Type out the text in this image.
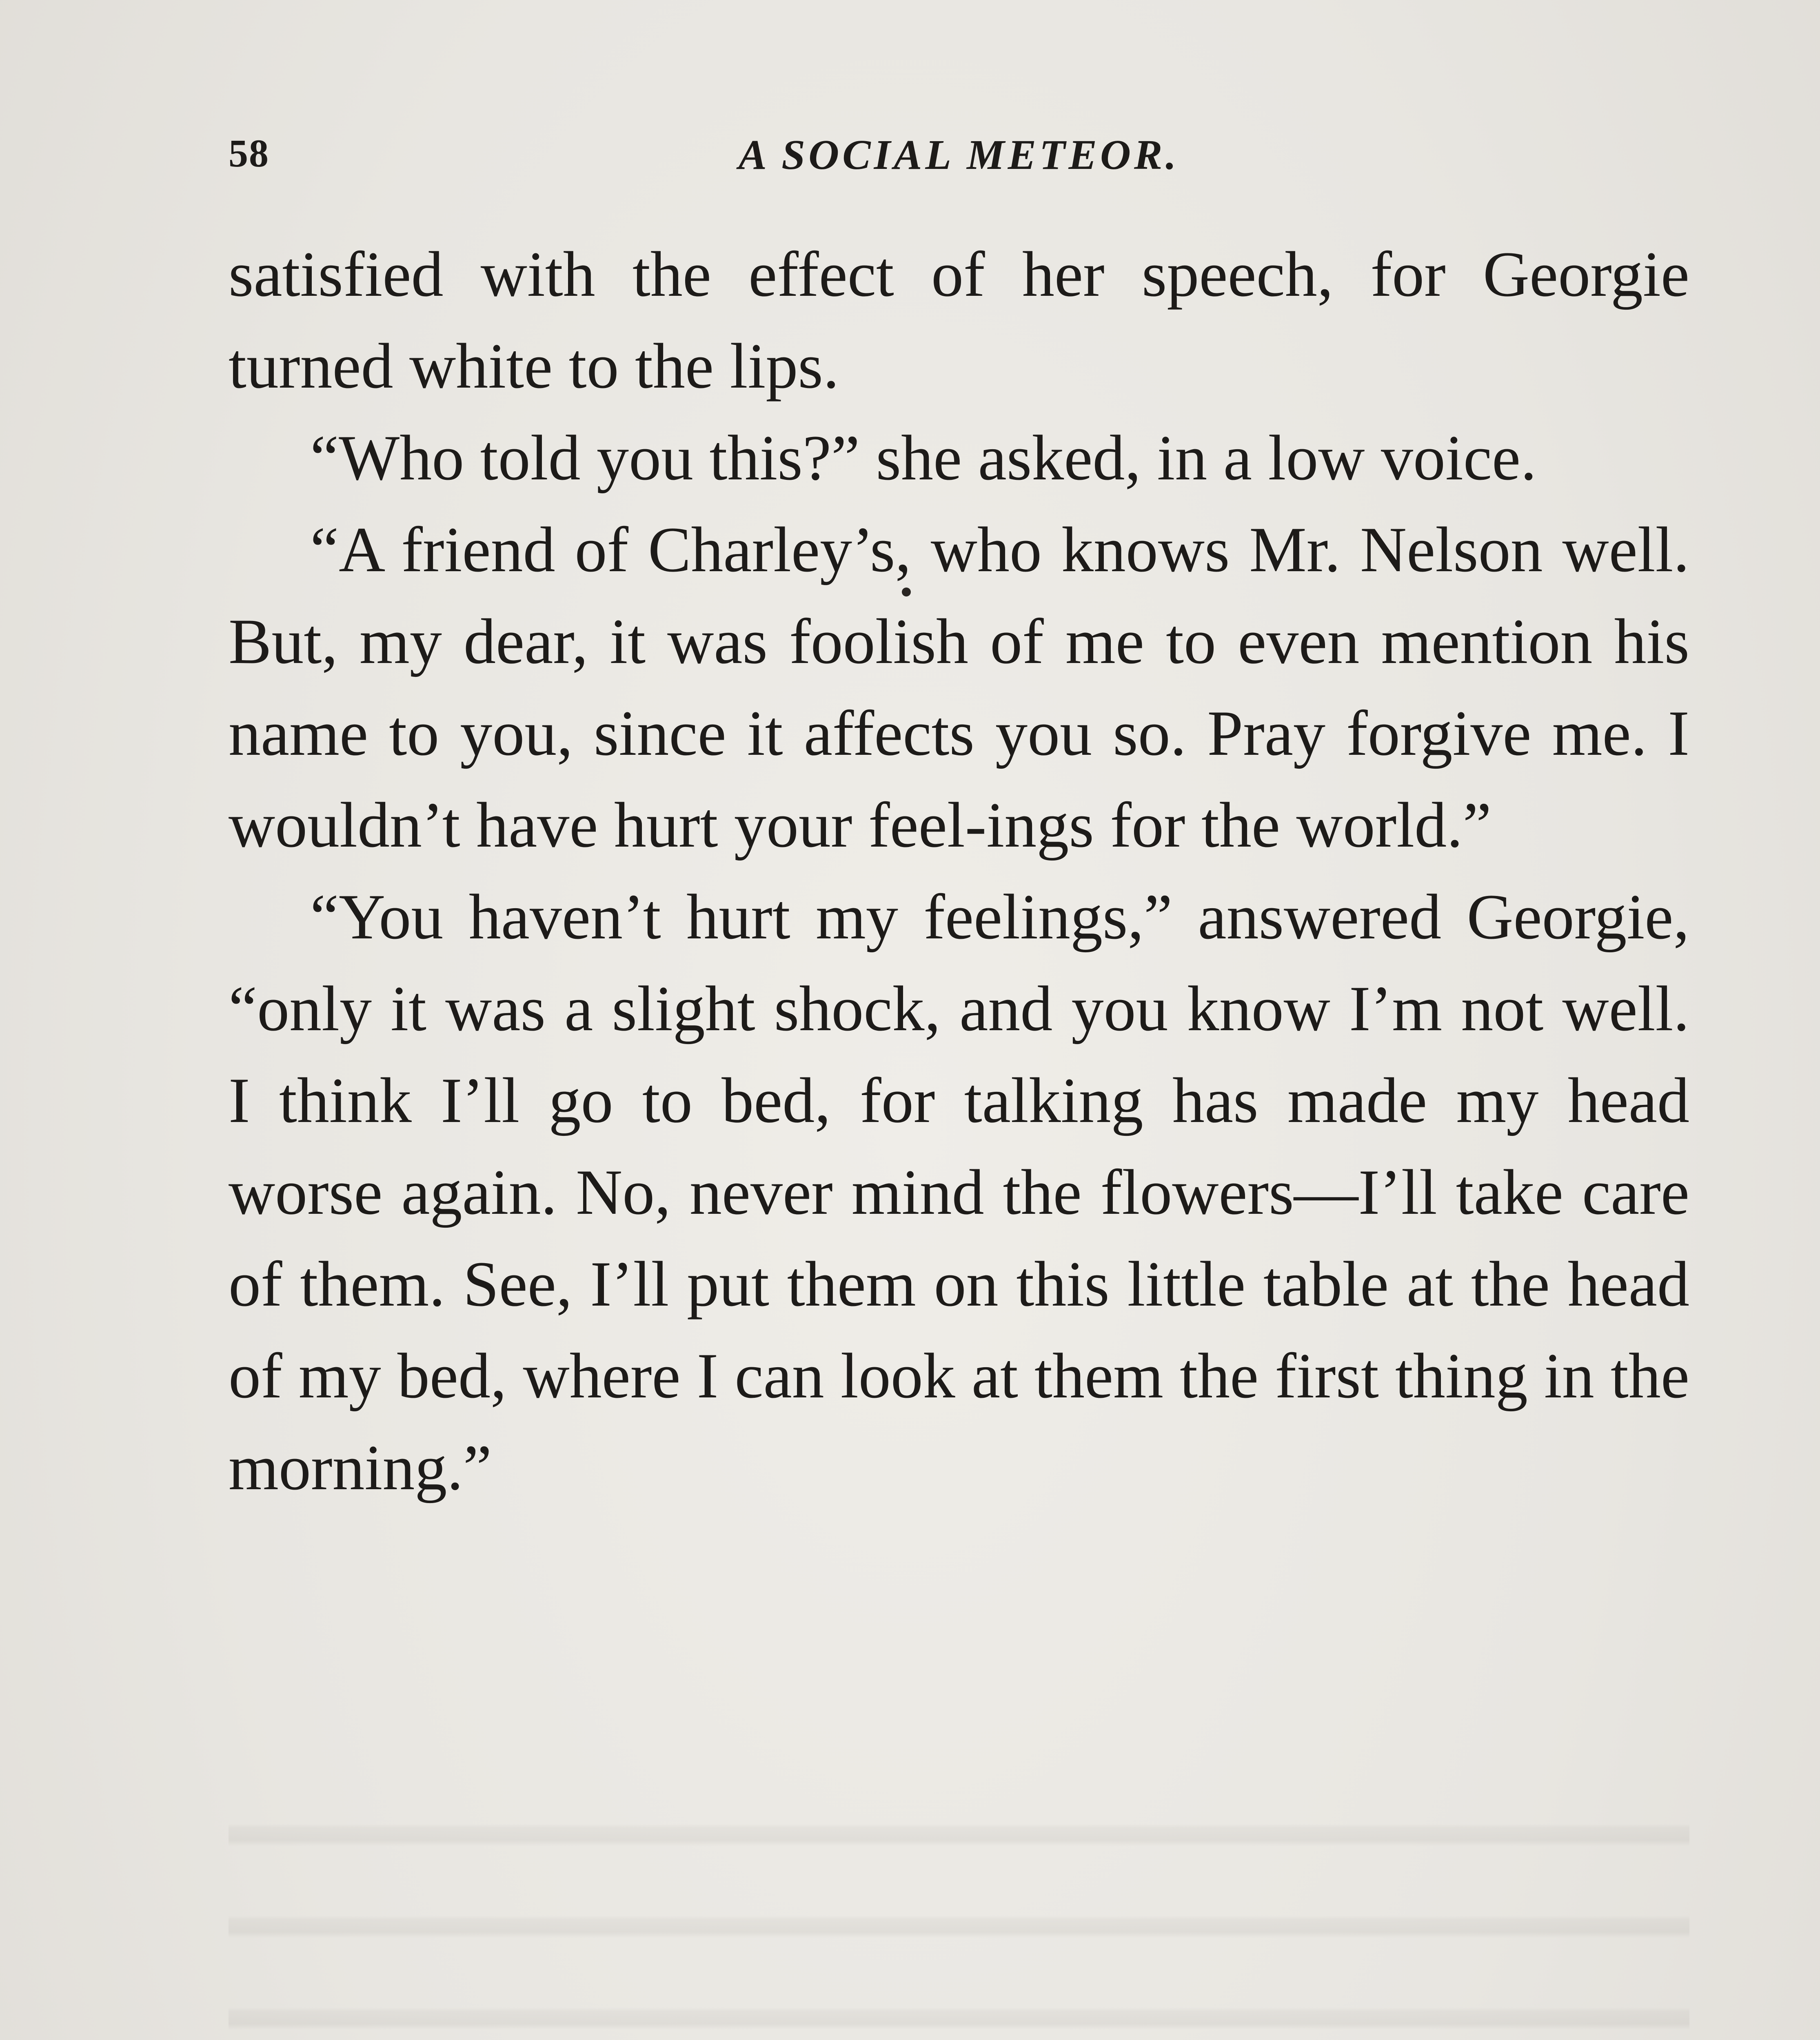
58	A SOCIAL METEOR.

satisfied with the effect of her speech, for Georgie turned white to the lips.

“Who told you this?” she asked, in a low voice.

“A friend of Charley’s, who knows Mr. Nelson well. But, my dear, it was foolish of me to even mention his name to you, since it affects you so. Pray forgive me. I wouldn’t have hurt your feel-ings for the world.”

“You haven’t hurt my feelings,” answered Georgie, “only it was a slight shock, and you know I’m not well. I think I’ll go to bed, for talking has made my head worse again. No, never mind the flowers—I’ll take care of them. See, I’ll put them on this little table at the head of my bed, where I can look at them the first thing in the morning.”
